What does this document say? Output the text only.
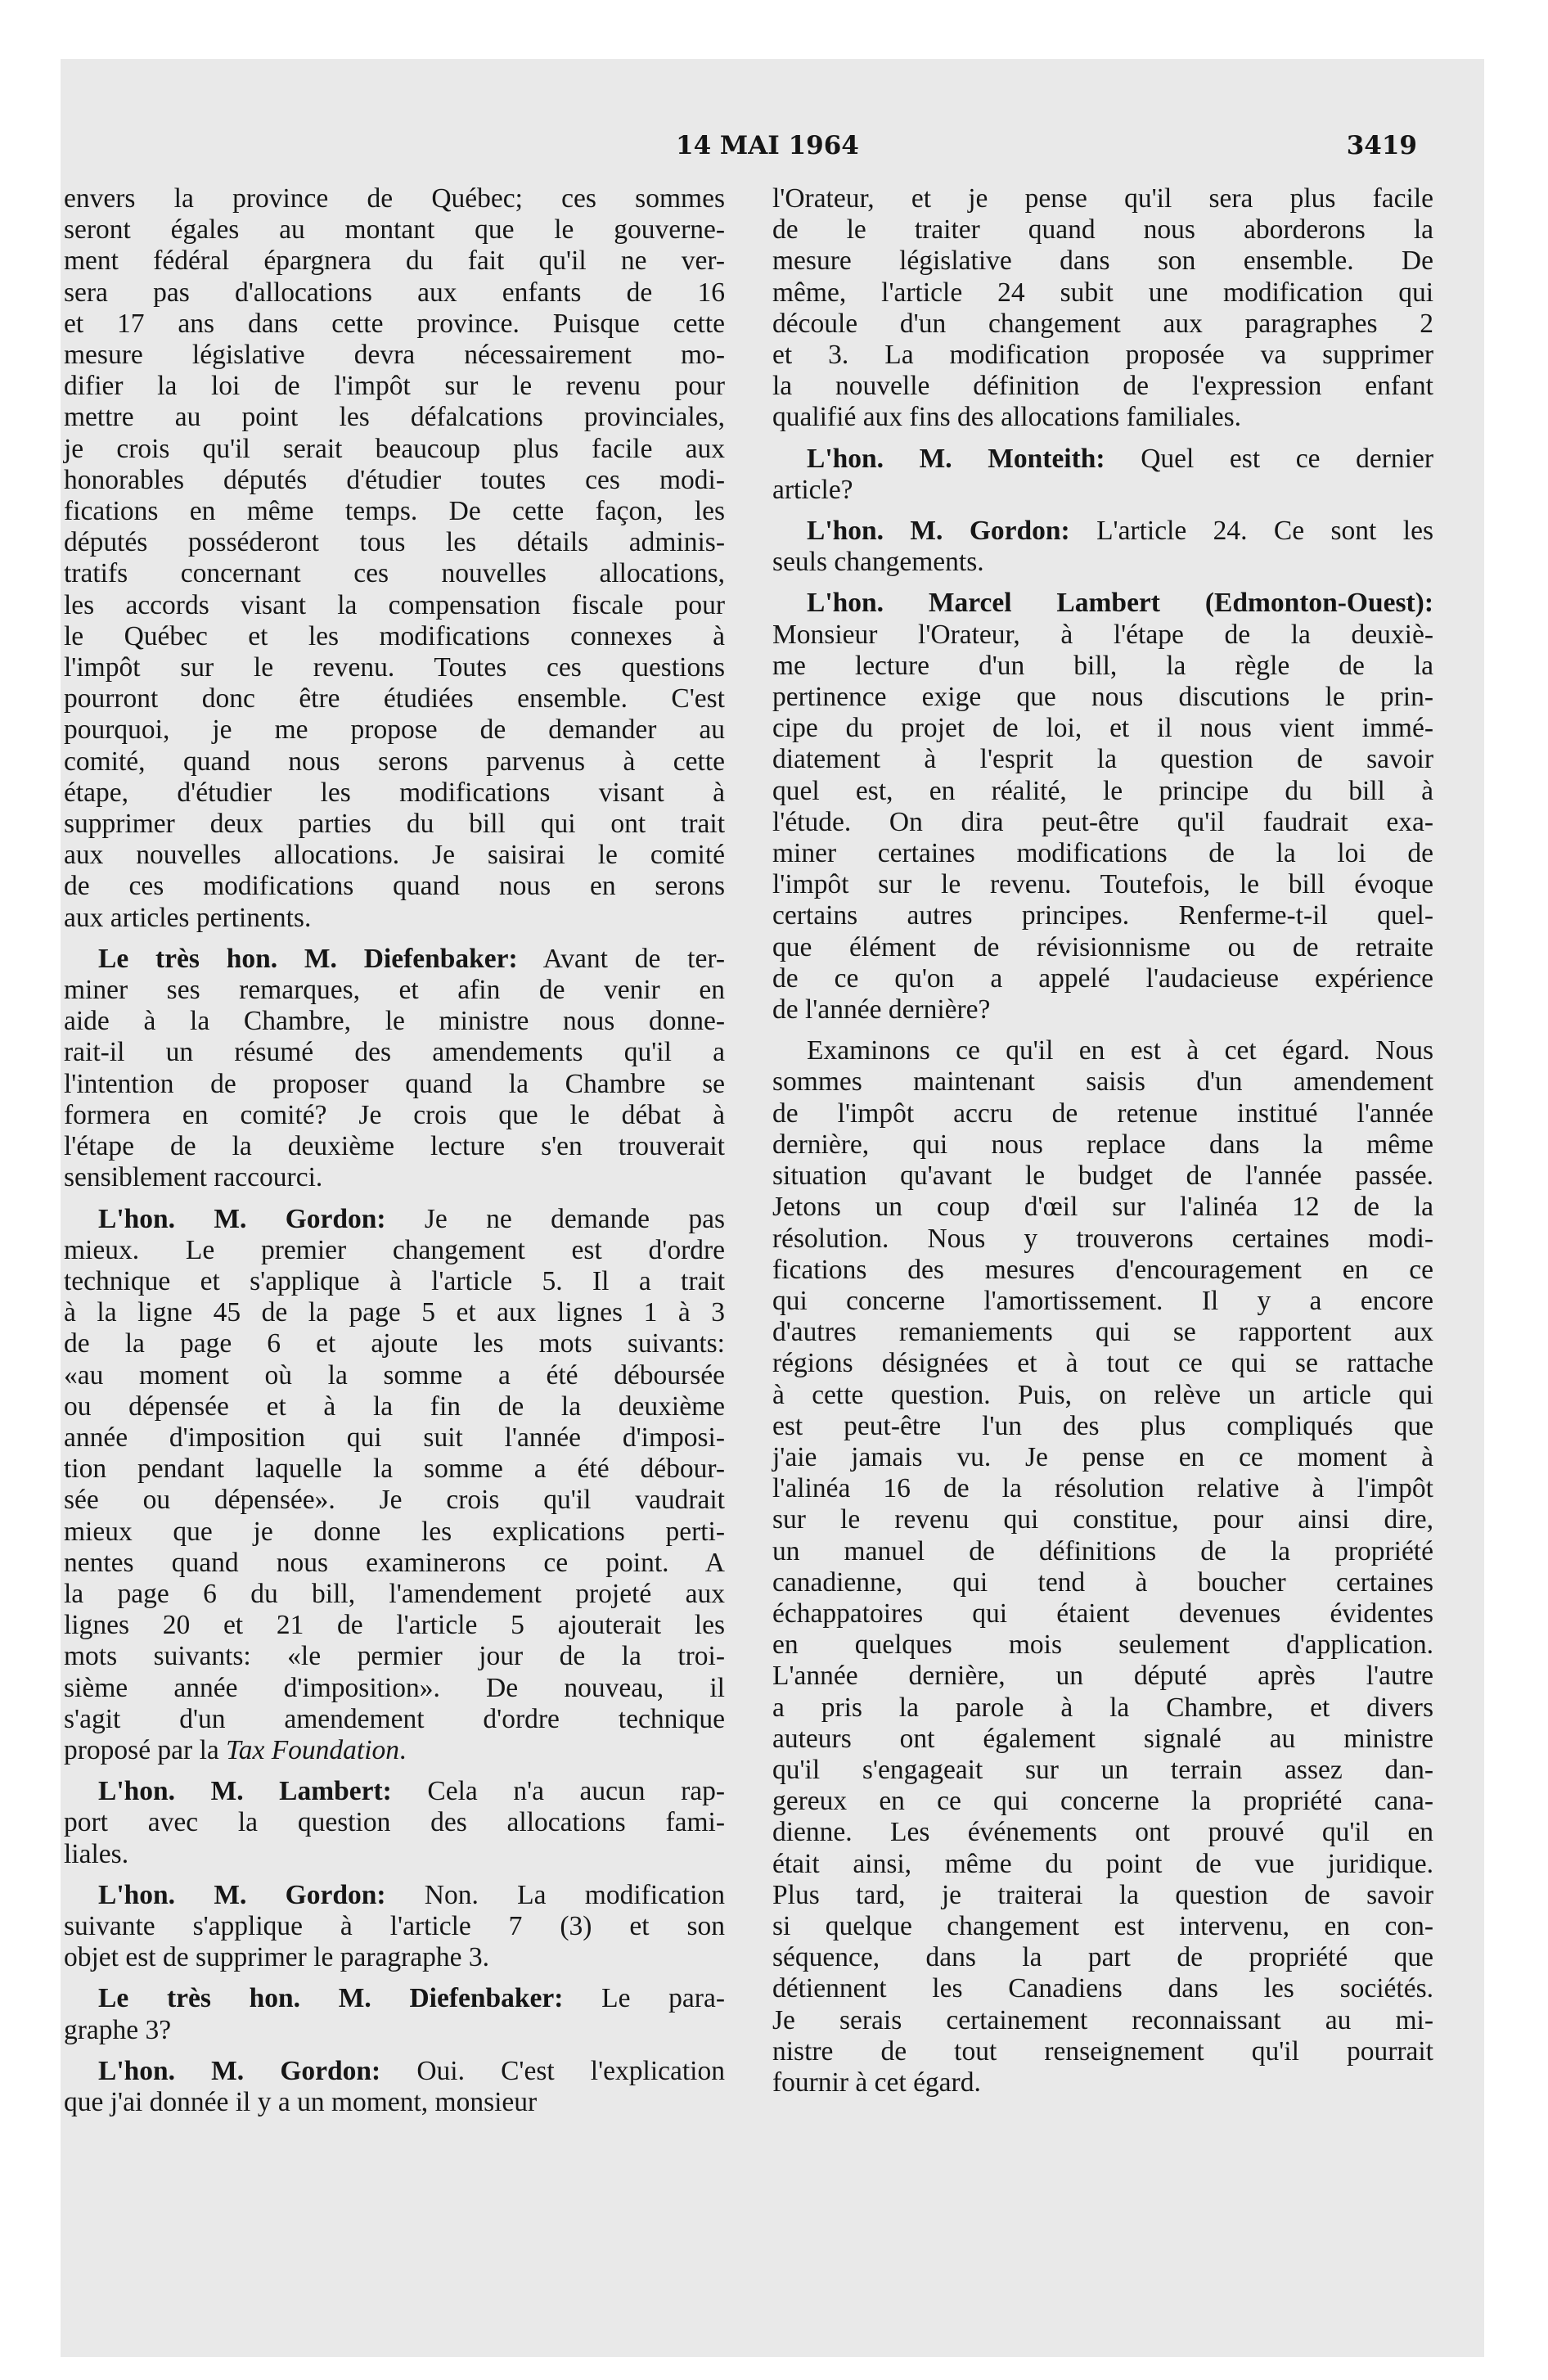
14 MAI 1964	3419

envers la province de Québec; ces sommes
seront égales au montant que le gouverne-
ment fédéral épargnera du fait qu'il ne ver-
sera pas d'allocations aux enfants de 16
et 17 ans dans cette province. Puisque cette
mesure législative devra nécessairement mo-
difier la loi de l'impôt sur le revenu pour
mettre au point les défalcations provinciales,
je crois qu'il serait beaucoup plus facile aux
honorables députés d'étudier toutes ces modi-
fications en même temps. De cette façon, les
députés posséderont tous les détails adminis-
tratifs concernant ces nouvelles allocations,
les accords visant la compensation fiscale pour
le Québec et les modifications connexes à
l'impôt sur le revenu. Toutes ces questions
pourront donc être étudiées ensemble. C'est
pourquoi, je me propose de demander au
comité, quand nous serons parvenus à cette
étape, d'étudier les modifications visant à
supprimer deux parties du bill qui ont trait
aux nouvelles allocations. Je saisirai le comité
de ces modifications quand nous en serons
aux articles pertinents.

Le très hon. M. Diefenbaker: Avant de ter-
miner ses remarques, et afin de venir en
aide à la Chambre, le ministre nous donne-
rait-il un résumé des amendements qu'il a
l'intention de proposer quand la Chambre se
formera en comité? Je crois que le débat à
l'étape de la deuxième lecture s'en trouverait
sensiblement raccourci.

L'hon. M. Gordon: Je ne demande pas
mieux. Le premier changement est d'ordre
technique et s'applique à l'article 5. Il a trait
à la ligne 45 de la page 5 et aux lignes 1 à 3
de la page 6 et ajoute les mots suivants:
«au moment où la somme a été déboursée
ou dépensée et à la fin de la deuxième
année d'imposition qui suit l'année d'imposi-
tion pendant laquelle la somme a été débour-
sée ou dépensée». Je crois qu'il vaudrait
mieux que je donne les explications perti-
nentes quand nous examinerons ce point. A
la page 6 du bill, l'amendement projeté aux
lignes 20 et 21 de l'article 5 ajouterait les
mots suivants: «le permier jour de la troi-
sième année d'imposition». De nouveau, il
s'agit d'un amendement d'ordre technique
proposé par la Tax Foundation.

L'hon. M. Lambert: Cela n'a aucun rap-
port avec la question des allocations fami-
liales.

L'hon. M. Gordon: Non. La modification
suivante s'applique à l'article 7 (3) et son
objet est de supprimer le paragraphe 3.

Le très hon. M. Diefenbaker: Le para-
graphe 3?

L'hon. M. Gordon: Oui. C'est l'explication
que j'ai donnée il y a un moment, monsieur

l'Orateur, et je pense qu'il sera plus facile
de le traiter quand nous aborderons la
mesure législative dans son ensemble. De
même, l'article 24 subit une modification qui
découle d'un changement aux paragraphes 2
et 3. La modification proposée va supprimer
la nouvelle définition de l'expression enfant
qualifié aux fins des allocations familiales.

L'hon. M. Monteith: Quel est ce dernier
article?

L'hon. M. Gordon: L'article 24. Ce sont les
seuls changements.

L'hon. Marcel Lambert (Edmonton-Ouest):
Monsieur l'Orateur, à l'étape de la deuxiè-
me lecture d'un bill, la règle de la
pertinence exige que nous discutions le prin-
cipe du projet de loi, et il nous vient immé-
diatement à l'esprit la question de savoir
quel est, en réalité, le principe du bill à
l'étude. On dira peut-être qu'il faudrait exa-
miner certaines modifications de la loi de
l'impôt sur le revenu. Toutefois, le bill évoque
certains autres principes. Renferme-t-il quel-
que élément de révisionnisme ou de retraite
de ce qu'on a appelé l'audacieuse expérience
de l'année dernière?

Examinons ce qu'il en est à cet égard. Nous
sommes maintenant saisis d'un amendement
de l'impôt accru de retenue institué l'année
dernière, qui nous replace dans la même
situation qu'avant le budget de l'année passée.
Jetons un coup d'œil sur l'alinéa 12 de la
résolution. Nous y trouverons certaines modi-
fications des mesures d'encouragement en ce
qui concerne l'amortissement. Il y a encore
d'autres remaniements qui se rapportent aux
régions désignées et à tout ce qui se rattache
à cette question. Puis, on relève un article qui
est peut-être l'un des plus compliqués que
j'aie jamais vu. Je pense en ce moment à
l'alinéa 16 de la résolution relative à l'impôt
sur le revenu qui constitue, pour ainsi dire,
un manuel de définitions de la propriété
canadienne, qui tend à boucher certaines
échappatoires qui étaient devenues évidentes
en quelques mois seulement d'application.
L'année dernière, un député après l'autre
a pris la parole à la Chambre, et divers
auteurs ont également signalé au ministre
qu'il s'engageait sur un terrain assez dan-
gereux en ce qui concerne la propriété cana-
dienne. Les événements ont prouvé qu'il en
était ainsi, même du point de vue juridique.
Plus tard, je traiterai la question de savoir
si quelque changement est intervenu, en con-
séquence, dans la part de propriété que
détiennent les Canadiens dans les sociétés.
Je serais certainement reconnaissant au mi-
nistre de tout renseignement qu'il pourrait
fournir à cet égard.
